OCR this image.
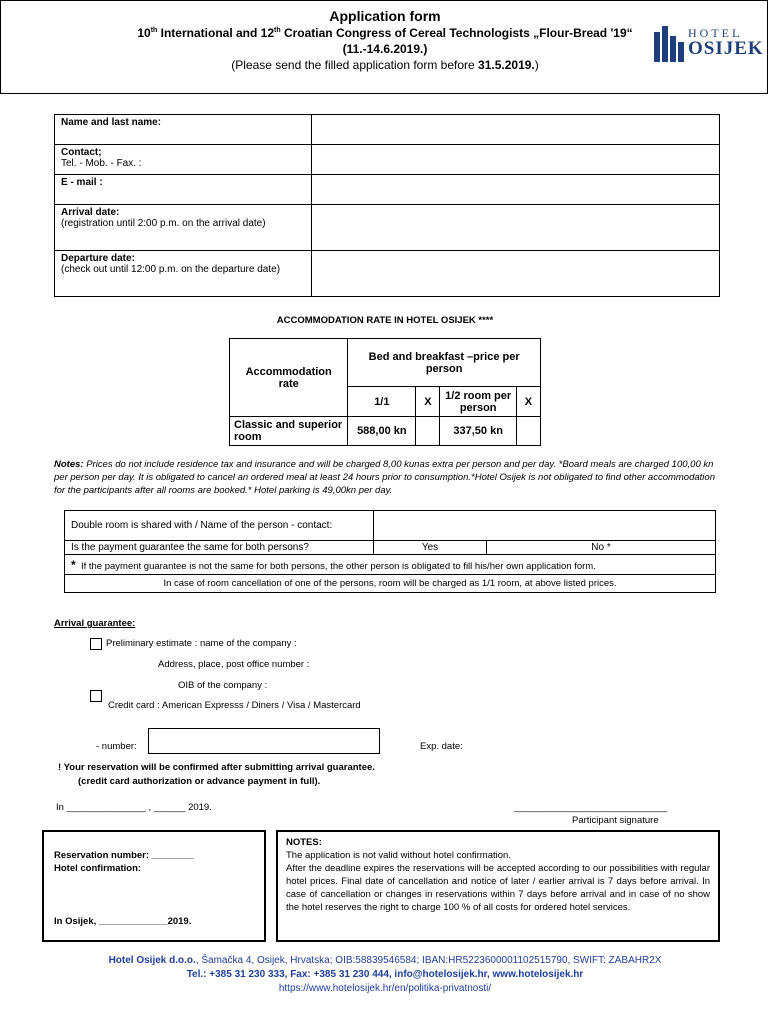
Application form
10th International and 12th Croatian Congress of Cereal Technologists „Flour-Bread '19“
(11.-14.6.2019.)
(Please send the filled application form before 31.5.2019.)
HOTEL
OSIJEK
Name and last name:	

Contact;
Tel. - Mob. - Fax. :	

E - mail :	

Arrival date:
(registration until 2:00 p.m. on the arrival date)	

Departure date:
(check out until 12:00 p.m. on the departure date)	

ACCOMMODATION RATE IN HOTEL OSIJEK ****
Accommodation rate	Bed and breakfast –price per person			
	1/1	X	1/2 room per person	X
Classic and superior room	588,00 kn		337,50 kn	
Notes: Prices do not include residence tax and insurance and will be charged 8,00 kunas extra per person and per day. *Board meals are charged 100,00 kn per person per day. It is obligated to cancel an ordered meal at least 24 hours prior to consumption.*Hotel Osijek is not obligated to find other accommodation for the participants after all rooms are booked.* Hotel parking is 49,00kn per day.
Double room is shared with / Name of the person - contact:		
Is the payment guarantee the same for both persons?	Yes	No *
* If the payment guarantee is not the same for both persons, the other person is obligated to fill his/her own application form.		
In case of room cancellation of one of the persons, room will be charged as 1/1 room, at above listed prices.		
Arrival guarantee:
Preliminary estimate : name of the company :
Address, place, post office number :
OIB of the company :
Credit card : American Expresss / Diners / Visa / Mastercard
- number:	Exp. date:
! Your reservation will be confirmed after submitting arrival guarantee.
(credit card authorization or advance payment in full).
In _______________ , ______ 2019.	_____________________________
Participant signature
Reservation number: ________
Hotel confirmation:
In Osijek, _____________2019.
NOTES:
The application is not valid without hotel confirmation.
After the deadline expires the reservations will be accepted according to our possibilities with regular hotel prices. Final date of cancellation and notice of later / earlier arrival is 7 days before arrival. In case of cancellation or changes in reservations within 7 days before arrival and in case of no show the hotel reserves the right to charge 100 % of all costs for ordered hotel services.
Hotel Osijek d.o.o., Šamačka 4, Osijek, Hrvatska; OIB:58839546584; IBAN:HR5223600001102515790, SWIFT: ZABAHR2X
Tel.: +385 31 230 333, Fax: +385 31 230 444, info@hotelosijek.hr, www.hotelosijek.hr
https://www.hotelosijek.hr/en/politika-privatnosti/
